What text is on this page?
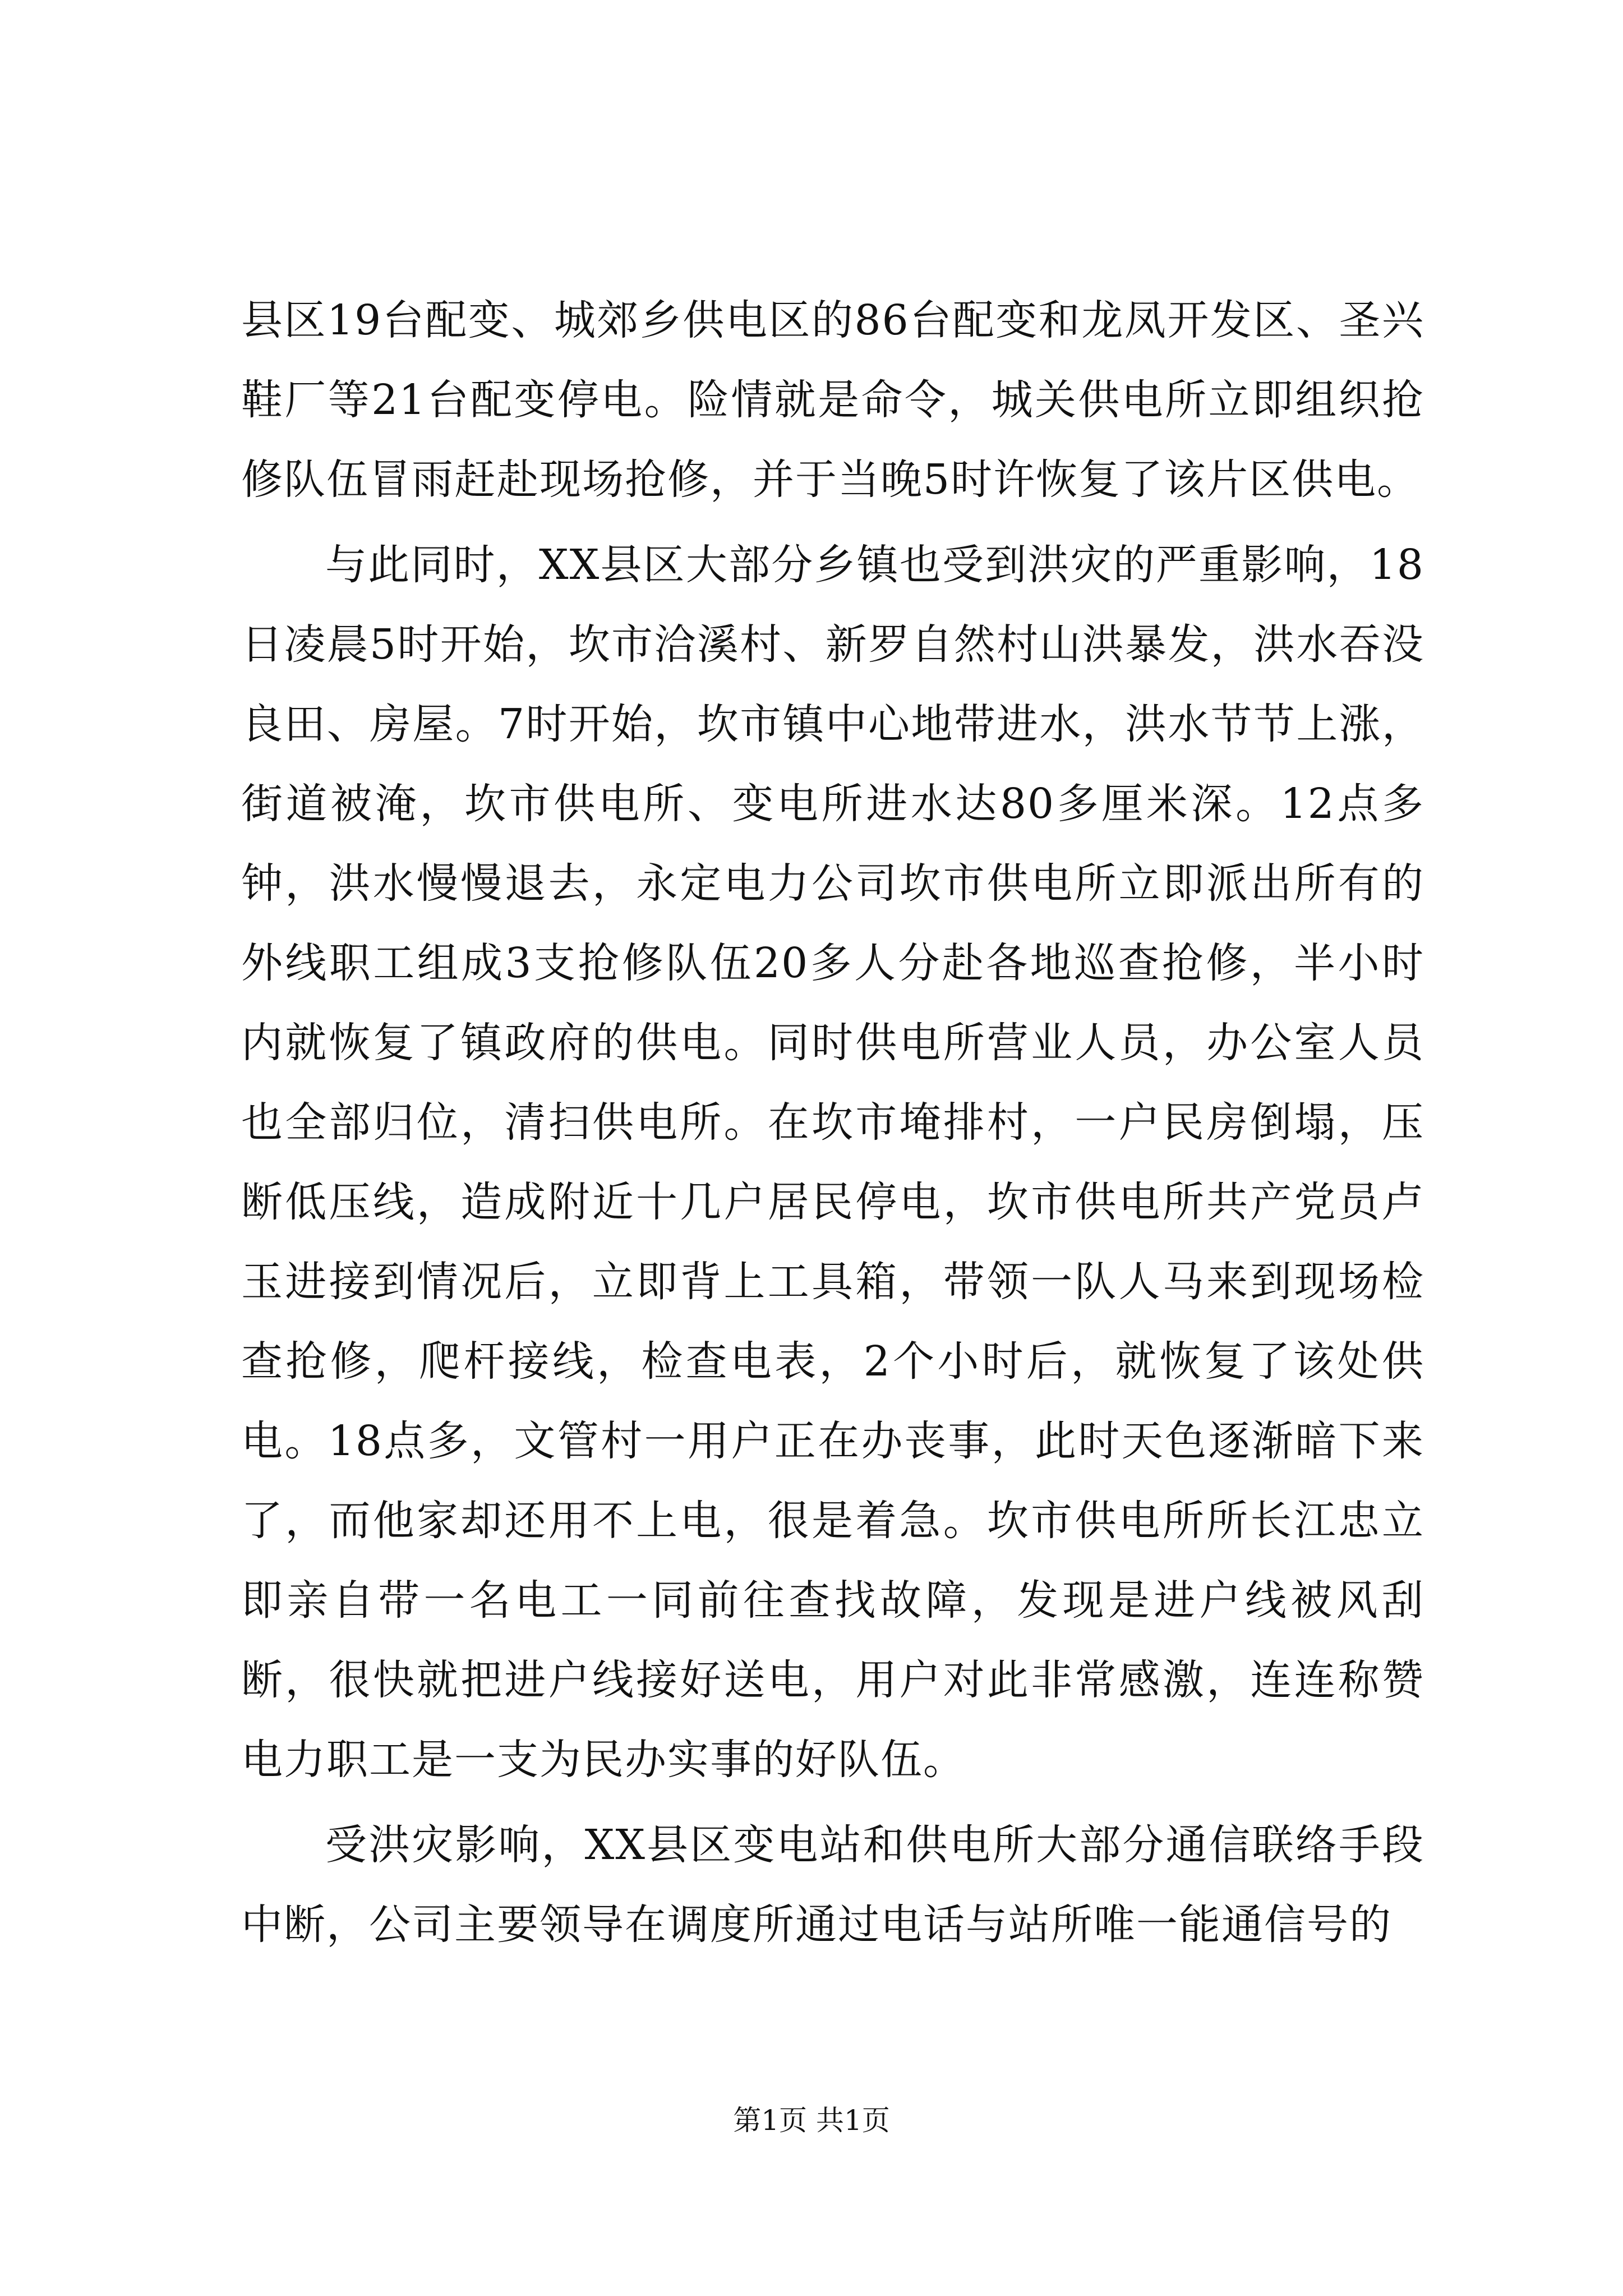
县区19台配变、城郊乡供电区的86台配变和龙凤开发区、圣兴鞋厂等21台配变停电。险情就是命令，城关供电所立即组织抢修队伍冒雨赶赴现场抢修，并于当晚5时许恢复了该片区供电。

与此同时，XX县区大部分乡镇也受到洪灾的严重影响，18日凌晨5时开始，坎市洽溪村、新罗自然村山洪暴发，洪水吞没良田、房屋。7时开始，坎市镇中心地带进水，洪水节节上涨，街道被淹，坎市供电所、变电所进水达80多厘米深。12点多钟，洪水慢慢退去，永定电力公司坎市供电所立即派出所有的外线职工组成3支抢修队伍20多人分赴各地巡查抢修，半小时内就恢复了镇政府的供电。同时供电所营业人员，办公室人员也全部归位，清扫供电所。在坎市埯排村，一户民房倒塌，压断低压线，造成附近十几户居民停电，坎市供电所共产党员卢玉进接到情况后，立即背上工具箱，带领一队人马来到现场检查抢修，爬杆接线，检查电表，2个小时后，就恢复了该处供电。18点多，文管村一用户正在办丧事，此时天色逐渐暗下来了，而他家却还用不上电，很是着急。坎市供电所所长江忠立即亲自带一名电工一同前往查找故障，发现是进户线被风刮断，很快就把进户线接好送电，用户对此非常感激，连连称赞电力职工是一支为民办实事的好队伍。

受洪灾影响，XX县区变电站和供电所大部分通信联络手段中断，公司主要领导在调度所通过电话与站所唯一能通信号的

第1页 共1页
